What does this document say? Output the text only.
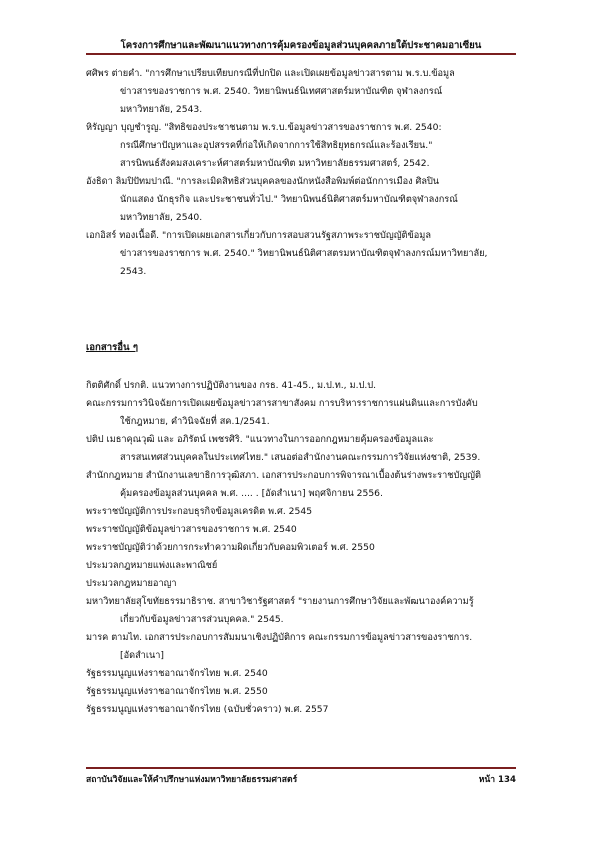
โครงการศึกษาและพัฒนาแนวทางการคุ้มครองข้อมูลส่วนบุคคลภายใต้ประชาคมอาเซียน
ศศิพร ต่ายคำ. "การศึกษาเปรียบเทียบกรณีที่ปกปิด และเปิดเผยข้อมูลข่าวสารตาม พ.ร.บ.ข้อมูล
ข่าวสารของราชการ พ.ศ. 2540. วิทยานิพนธ์นิเทศศาสตร์มหาบัณฑิต จุฬาลงกรณ์
มหาวิทยาลัย, 2543.
หิรัญญา บุญชำรูญ. "สิทธิของประชาชนตาม พ.ร.บ.ข้อมูลข่าวสารของราชการ พ.ศ. 2540:
กรณีศึกษาปัญหาและอุปสรรคที่ก่อให้เกิดจากการใช้สิทธิยุทธกรณ์และร้องเรียน."
สารนิพนธ์สังคมสงเคราะห์ศาสตร์มหาบัณฑิต มหาวิทยาลัยธรรมศาสตร์, 2542.
อังธิดา ลิมปิปัทมปาณี. "การละเมิดสิทธิส่วนบุคคลของนักหนังสือพิมพ์ต่อนักการเมือง ศิลปิน
นักแสดง นักธุรกิจ และประชาชนทั่วไป." วิทยานิพนธ์นิติศาสตร์มหาบัณฑิตจุฬาลงกรณ์
มหาวิทยาลัย, 2540.
เอกอิสร์ ทองเนื้อดี. "การเปิดเผยเอกสารเกี่ยวกับการสอบสวนรัฐสภาพระราชบัญญัติข้อมูล
ข่าวสารของราชการ พ.ศ. 2540." วิทยานิพนธ์นิติศาสตรมหาบัณฑิตจุฬาลงกรณ์มหาวิทยาลัย,
2543.
เอกสารอื่น ๆ
กิตติศักดิ์ ปรกติ. แนวทางการปฏิบัติงานของ กรธ. 41-45., ม.ป.ท., ม.ป.ป.
คณะกรรมการวินิจฉัยการเปิดเผยข้อมูลข่าวสารสาขาสังคม การบริหารราชการแผ่นดินและการบังคับ
ใช้กฎหมาย, คำวินิจฉัยที่ สค.1/2541.
ปติป เมธาคุณวุฒิ และ อภิรัตน์ เพชรศิริ. "แนวทางในการออกกฎหมายคุ้มครองข้อมูลและ
สารสนเทศส่วนบุคคลในประเทศไทย." เสนอต่อสำนักงานคณะกรรมการวิจัยแห่งชาติ, 2539.
สำนักกฎหมาย สำนักงานเลขาธิการวุฒิสภา. เอกสารประกอบการพิจารณาเบื้องต้นร่างพระราชบัญญัติ
คุ้มครองข้อมูลส่วนบุคคล พ.ศ. .... . [อัดสำเนา] พฤศจิกายน 2556.
พระราชบัญญัติการประกอบธุรกิจข้อมูลเครดิต พ.ศ. 2545
พระราชบัญญัติข้อมูลข่าวสารของราชการ พ.ศ. 2540
พระราชบัญญัติว่าด้วยการกระทำความผิดเกี่ยวกับคอมพิวเตอร์ พ.ศ. 2550
ประมวลกฎหมายแพ่งและพาณิชย์
ประมวลกฎหมายอาญา
มหาวิทยาลัยสุโขทัยธรรมาธิราช. สาขาวิชารัฐศาสตร์ "รายงานการศึกษาวิจัยและพัฒนาองค์ความรู้
เกี่ยวกับข้อมูลข่าวสารส่วนบุคคล." 2545.
มารค ตามไท. เอกสารประกอบการสัมมนาเชิงปฏิบัติการ คณะกรรมการข้อมูลข่าวสารของราชการ.
[อัดสำเนา]
รัฐธรรมนูญแห่งราชอาณาจักรไทย พ.ศ. 2540
รัฐธรรมนูญแห่งราชอาณาจักรไทย พ.ศ. 2550
รัฐธรรมนูญแห่งราชอาณาจักรไทย (ฉบับชั่วคราว) พ.ศ. 2557
สถาบันวิจัยและให้คำปรึกษาแห่งมหาวิทยาลัยธรรมศาสตร์	หน้า 134
